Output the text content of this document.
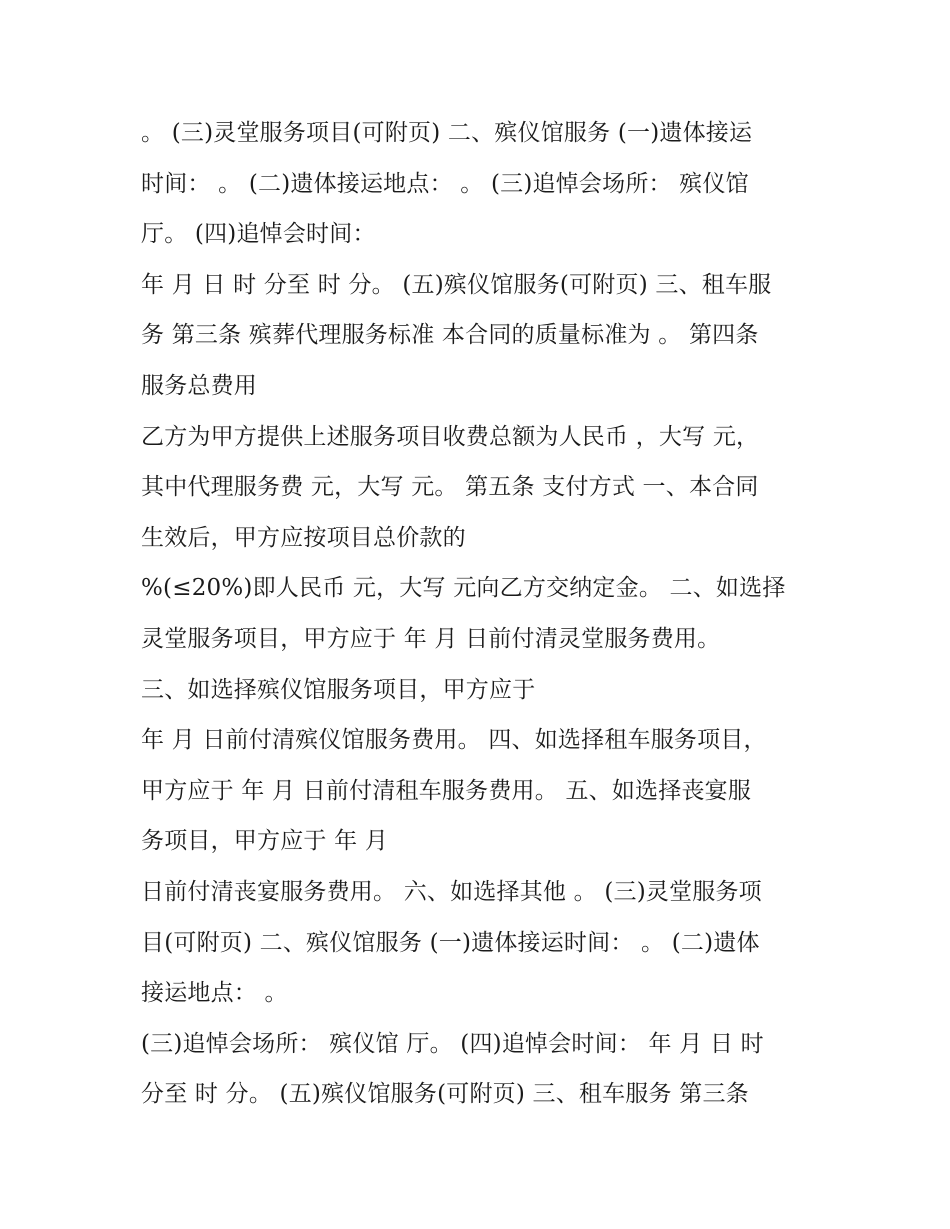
。 (三)灵堂服务项目(可附页) 二、殡仪馆服务 (一)遗体接运
时间： 。 (二)遗体接运地点： 。 (三)追悼会场所： 殡仪馆
厅。 (四)追悼会时间：
年 月 日 时 分至 时 分。 (五)殡仪馆服务(可附页) 三、租车服
务 第三条 殡葬代理服务标准 本合同的质量标准为 。 第四条
服务总费用
乙方为甲方提供上述服务项目收费总额为人民币 ，大写 元，
其中代理服务费 元，大写 元。 第五条 支付方式 一、本合同
生效后，甲方应按项目总价款的
%(≤20%)即人民币 元，大写 元向乙方交纳定金。 二、如选择
灵堂服务项目，甲方应于 年 月 日前付清灵堂服务费用。
三、如选择殡仪馆服务项目，甲方应于
年 月 日前付清殡仪馆服务费用。 四、如选择租车服务项目，
甲方应于 年 月 日前付清租车服务费用。 五、如选择丧宴服
务项目，甲方应于 年 月
日前付清丧宴服务费用。 六、如选择其他 。 (三)灵堂服务项
目(可附页) 二、殡仪馆服务 (一)遗体接运时间： 。 (二)遗体
接运地点： 。
(三)追悼会场所： 殡仪馆 厅。 (四)追悼会时间： 年 月 日 时
分至 时 分。 (五)殡仪馆服务(可附页) 三、租车服务 第三条
